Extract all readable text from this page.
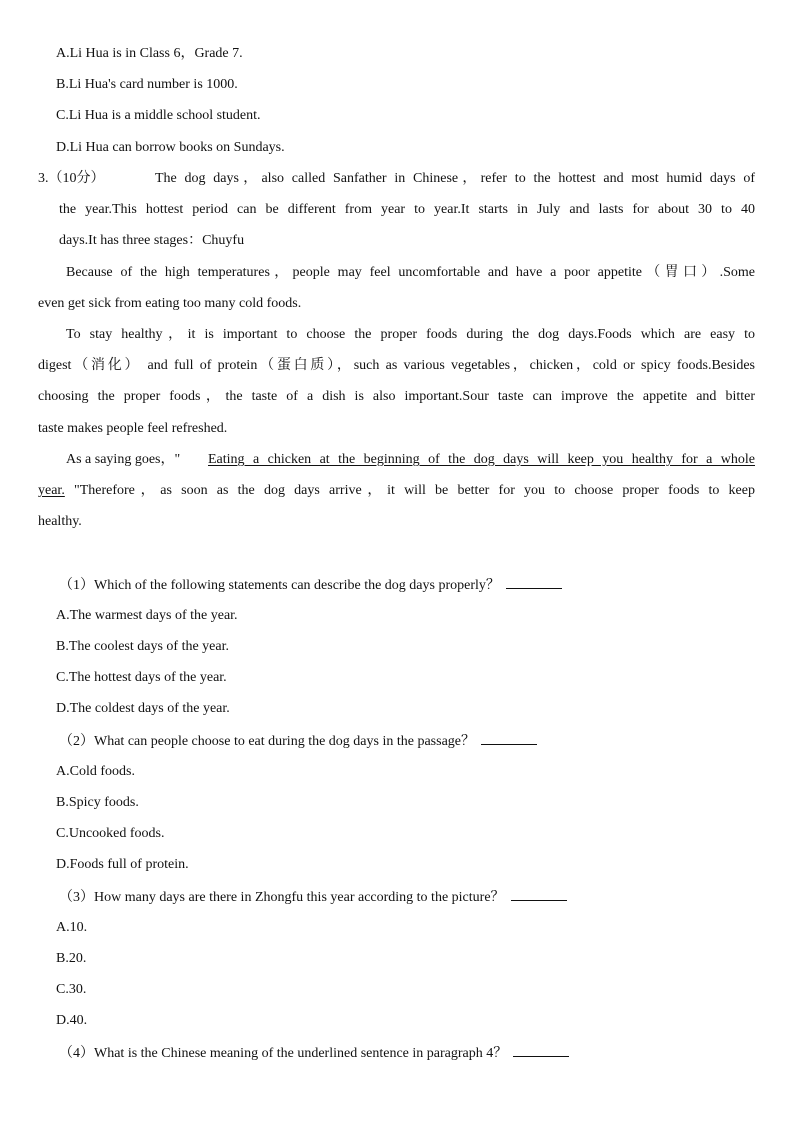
A.Li Hua is in Class 6，Grade 7.
B.Li Hua's card number is 1000.
C.Li Hua is a middle school student.
D.Li Hua can borrow books on Sundays.
3.（10分）	The dog days，also called Sanfather in Chinese，refer to the hottest and most humid days of
the year.This hottest period can be different from year to year.It starts in July and lasts for about 30 to 40
days.It has three stages：Chuyfu
Because of the high temperatures，people may feel uncomfortable and have a poor appetite（胃口）.Some
even get sick from eating too many cold foods.
To stay healthy，it is important to choose the proper foods during the dog days.Foods which are easy to
digest（消化） and full of protein（蛋白质），such as various vegetables，chicken，cold or spicy foods.Besides
choosing the proper foods，the taste of a dish is also important.Sour taste can improve the appetite and bitter
taste makes people feel refreshed.
As a saying goes，" Eating a chicken at the beginning of the dog days will keep you healthy for a whole
year. "Therefore，as soon as the dog days arrive，it will be better for you to choose proper foods to keep
healthy.
（1）Which of the following statements can describe the dog days properly？
A.The warmest days of the year.
B.The coolest days of the year.
C.The hottest days of the year.
D.The coldest days of the year.
（2）What can people choose to eat during the dog days in the passage？
A.Cold foods.
B.Spicy foods.
C.Uncooked foods.
D.Foods full of protein.
（3）How many days are there in Zhongfu this year according to the picture？
A.10.
B.20.
C.30.
D.40.
（4）What is the Chinese meaning of the underlined sentence in paragraph 4？
